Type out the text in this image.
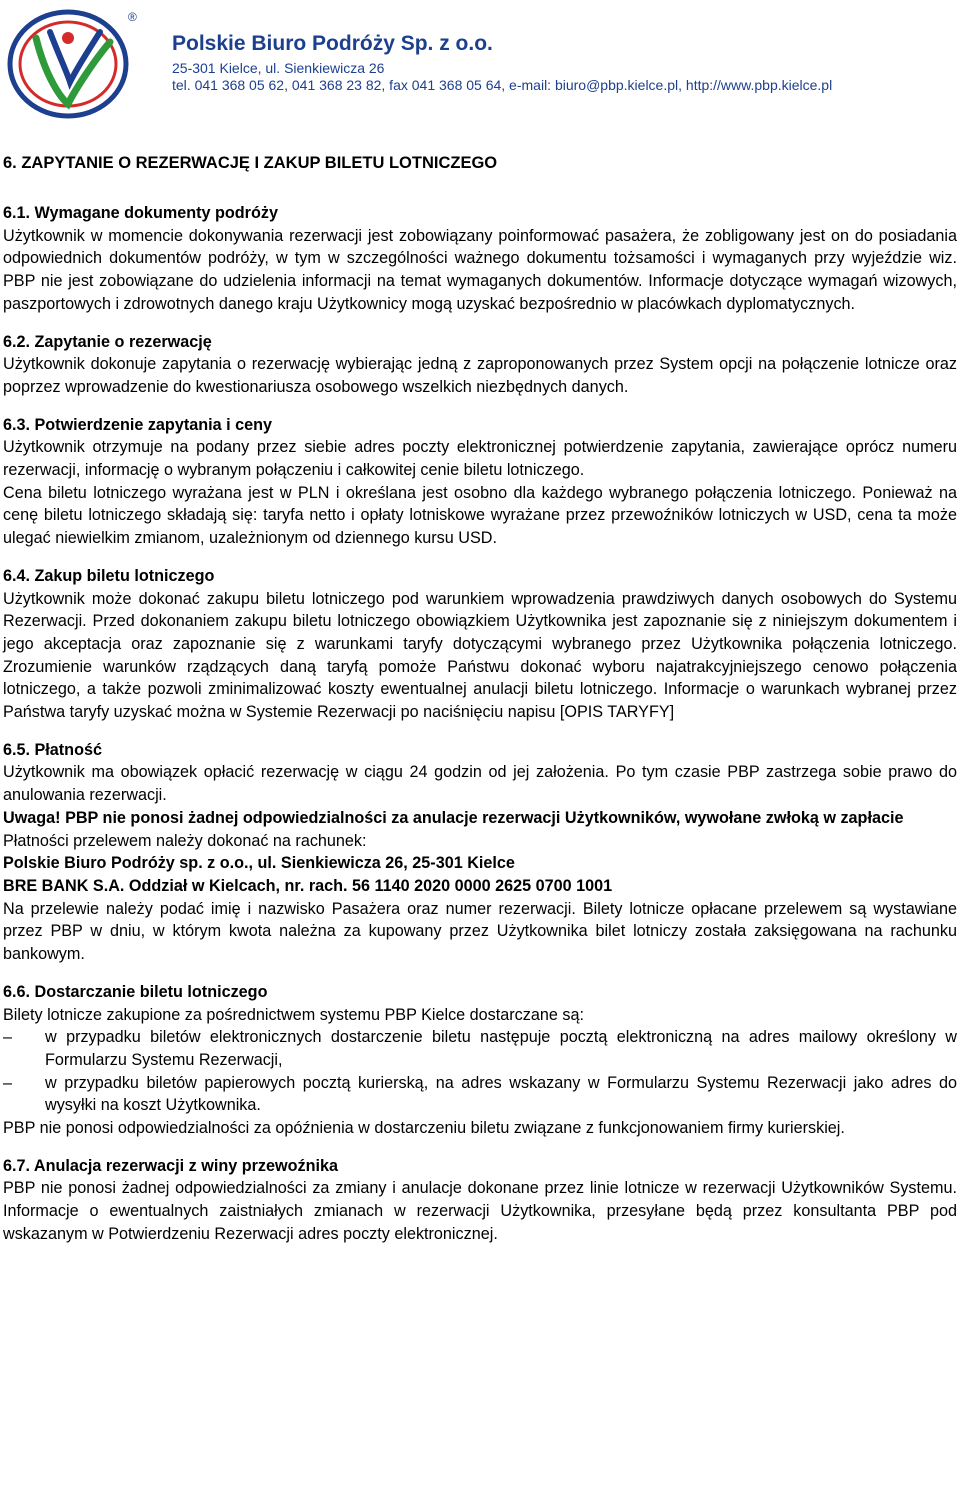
®
Polskie Biuro Podróży Sp. z o.o.
25-301 Kielce, ul. Sienkiewicza 26
tel. 041 368 05 62, 041 368 23 82, fax 041 368 05 64, e-mail: biuro@pbp.kielce.pl, http://www.pbp.kielce.pl
6. ZAPYTANIE O REZERWACJĘ I ZAKUP BILETU LOTNICZEGO
6.1. Wymagane dokumenty podróży

Użytkownik w momencie dokonywania rezerwacji jest zobowiązany poinformować pasażera, że zobligowany jest on do posiadania odpowiednich dokumentów podróży, w tym w szczególności ważnego dokumentu tożsamości i wymaganych przy wyjeździe wiz. PBP nie jest zobowiązane do udzielenia informacji na temat wymaganych dokumentów. Informacje dotyczące wymagań wizowych, paszportowych i zdrowotnych danego kraju Użytkownicy mogą uzyskać bezpośrednio w placówkach dyplomatycznych.

6.2. Zapytanie o rezerwację

Użytkownik dokonuje zapytania o rezerwację wybierając jedną z zaproponowanych przez System opcji na połączenie lotnicze oraz poprzez wprowadzenie do kwestionariusza osobowego wszelkich niezbędnych danych.

6.3. Potwierdzenie zapytania i ceny

Użytkownik otrzymuje na podany przez siebie adres poczty elektronicznej potwierdzenie zapytania, zawierające oprócz numeru rezerwacji, informację o wybranym połączeniu i całkowitej cenie biletu lotniczego.

Cena biletu lotniczego wyrażana jest w PLN i określana jest osobno dla każdego wybranego połączenia lotniczego. Ponieważ na cenę biletu lotniczego składają się: taryfa netto i opłaty lotniskowe wyrażane przez przewoźników lotniczych w USD, cena ta może ulegać niewielkim zmianom, uzależnionym od dziennego kursu USD.

6.4. Zakup biletu lotniczego

Użytkownik może dokonać zakupu biletu lotniczego pod warunkiem wprowadzenia prawdziwych danych osobowych do Systemu Rezerwacji. Przed dokonaniem zakupu biletu lotniczego obowiązkiem Użytkownika jest zapoznanie się z niniejszym dokumentem i jego akceptacja oraz zapoznanie się z warunkami taryfy dotyczącymi wybranego przez Użytkownika połączenia lotniczego. Zrozumienie warunków rządzących daną taryfą pomoże Państwu dokonać wyboru najatrakcyjniejszego cenowo połączenia lotniczego, a także pozwoli zminimalizować koszty ewentualnej anulacji biletu lotniczego. Informacje o warunkach wybranej przez Państwa taryfy uzyskać można w Systemie Rezerwacji po naciśnięciu napisu [OPIS TARYFY]

6.5. Płatność

Użytkownik ma obowiązek opłacić rezerwację w ciągu 24 godzin od jej założenia. Po tym czasie PBP zastrzega sobie prawo do anulowania rezerwacji.

Uwaga! PBP nie ponosi żadnej odpowiedzialności za anulacje rezerwacji Użytkowników, wywołane zwłoką w zapłacie

Płatności przelewem należy dokonać na rachunek:

Polskie Biuro Podróży sp. z o.o., ul. Sienkiewicza 26, 25-301 Kielce

BRE BANK S.A. Oddział w Kielcach, nr. rach. 56 1140 2020 0000 2625 0700 1001

Na przelewie należy podać imię i nazwisko Pasażera oraz numer rezerwacji. Bilety lotnicze opłacane przelewem są wystawiane przez PBP w dniu, w którym kwota należna za kupowany przez Użytkownika bilet lotniczy została zaksięgowana na rachunku bankowym.

6.6. Dostarczanie biletu lotniczego

Bilety lotnicze zakupione za pośrednictwem systemu PBP Kielce dostarczane są:

– w przypadku biletów elektronicznych dostarczenie biletu następuje pocztą elektroniczną na adres mailowy określony w Formularzu Systemu Rezerwacji,
– w przypadku biletów papierowych pocztą kurierską, na adres wskazany w Formularzu Systemu Rezerwacji jako adres do wysyłki na koszt Użytkownika.

PBP nie ponosi odpowiedzialności za opóźnienia w dostarczeniu biletu związane z funkcjonowaniem firmy kurierskiej.

6.7. Anulacja rezerwacji z winy przewoźnika

PBP nie ponosi żadnej odpowiedzialności za zmiany i anulacje dokonane przez linie lotnicze w rezerwacji Użytkowników Systemu. Informacje o ewentualnych zaistniałych zmianach w rezerwacji Użytkownika, przesyłane będą przez konsultanta PBP pod wskazanym w Potwierdzeniu Rezerwacji adres poczty elektronicznej.
